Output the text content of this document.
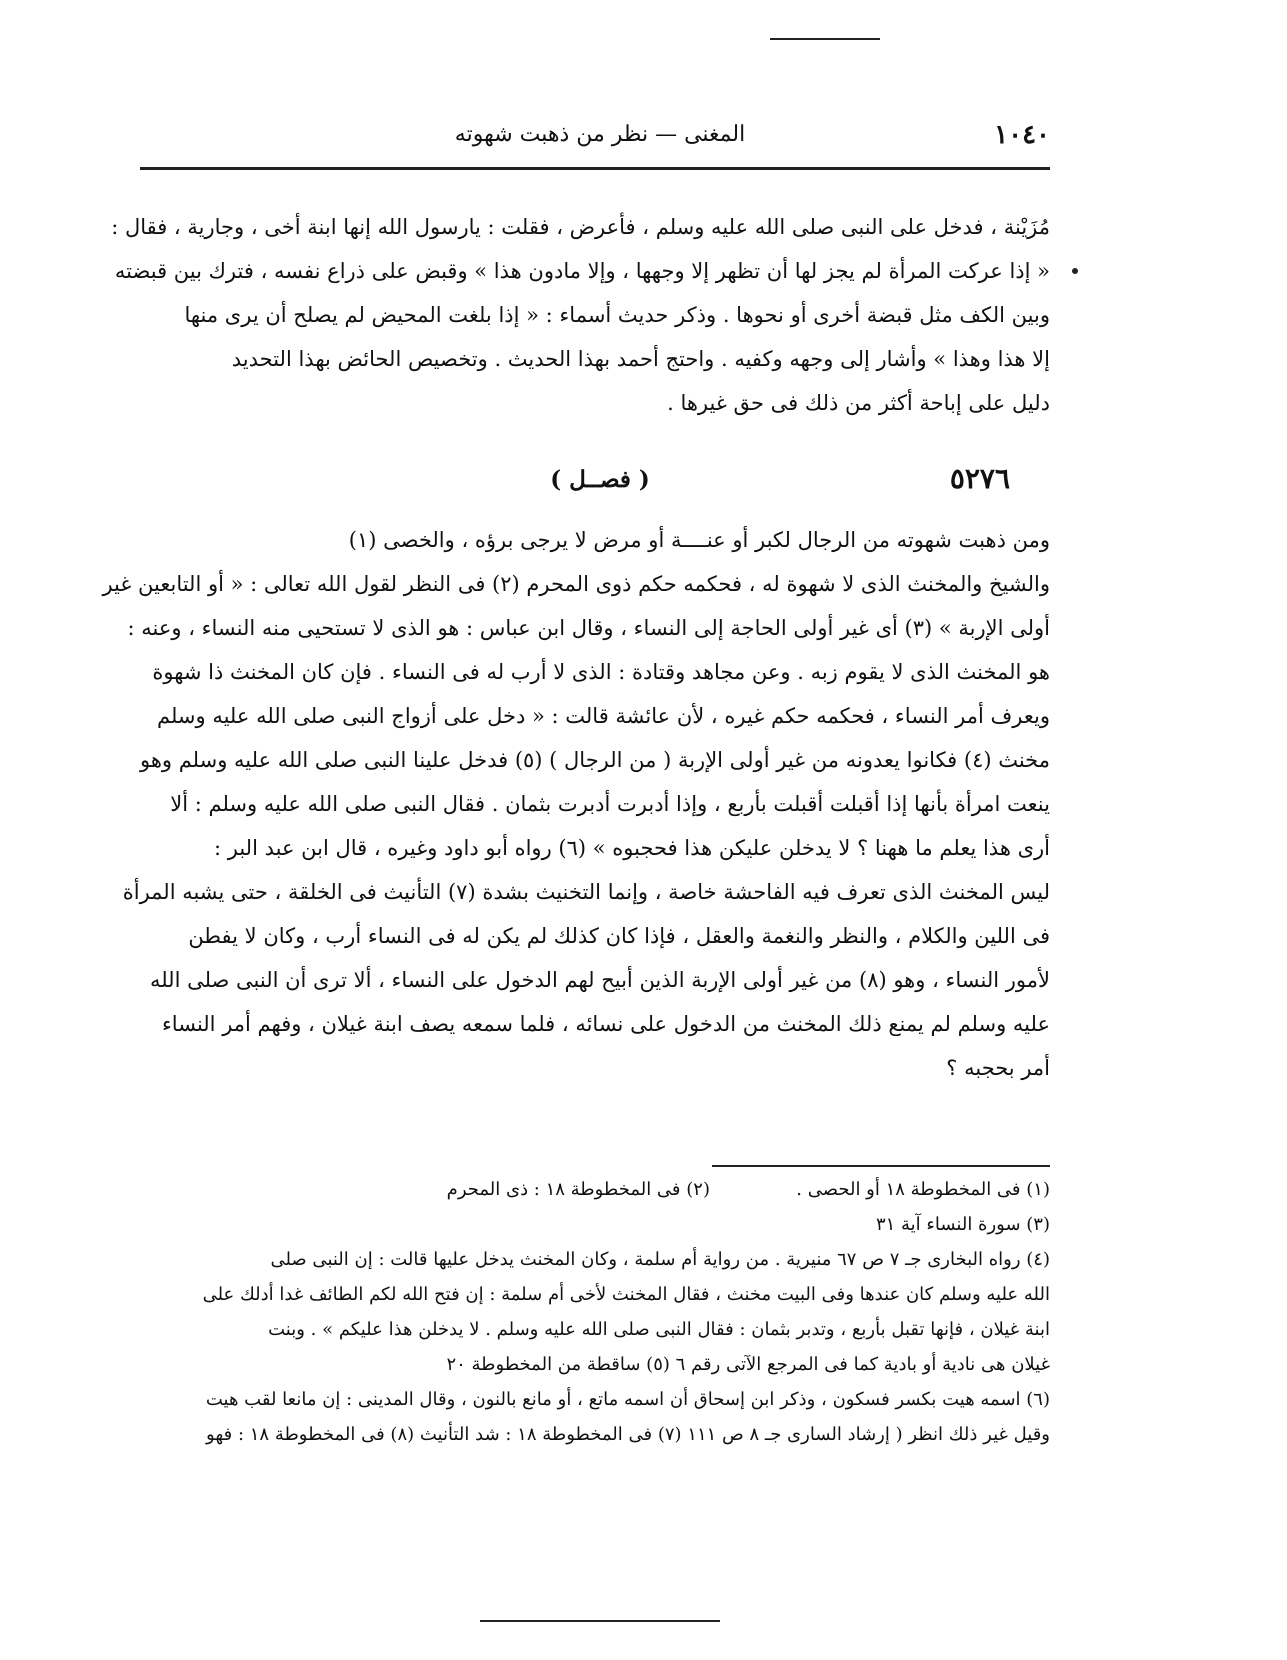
١٠٤٠
المغنى — نظر من ذهبت شهوته
مُزَيْنة ، فدخل على النبى صلى الله عليه وسلم ، فأعرض ، فقلت : يارسول الله إنها ابنة أخى ، وجارية ، فقال :
« إذا عركت المرأة لم يجز لها أن تظهر إلا وجهها ، وإلا مادون هذا » وقبض على ذراع نفسه ، فترك بين قبضته
وبين الكف مثل قبضة أخرى أو نحوها . وذكر حديث أسماء : « إذا بلغت المحيض لم يصلح أن يرى منها
إلا هذا وهذا » وأشار إلى وجهه وكفيه . واحتج أحمد بهذا الحديث . وتخصيص الحائض بهذا التحديد
دليل على إباحة أكثر من ذلك فى حق غيرها .
٥٢٧٦
( فصــل )
ومن ذهبت شهوته من الرجال لكبر أو عنــــة أو مرض لا يرجى برؤه ، والخصى (١)
والشيخ والمخنث الذى لا شهوة له ، فحكمه حكم ذوى المحرم (٢) فى النظر لقول الله تعالى : « أو التابعين غير
أولى الإربة » (٣) أى غير أولى الحاجة إلى النساء ، وقال ابن عباس : هو الذى لا تستحيى منه النساء ، وعنه :
هو المخنث الذى لا يقوم زبه . وعن مجاهد وقتادة : الذى لا أرب له فى النساء . فإن كان المخنث ذا شهوة
ويعرف أمر النساء ، فحكمه حكم غيره ، لأن عائشة قالت : « دخل على أزواج النبى صلى الله عليه وسلم
مخنث (٤) فكانوا يعدونه من غير أولى الإربة ( من الرجال ) (٥) فدخل علينا النبى صلى الله عليه وسلم وهو
ينعت امرأة بأنها إذا أقبلت أقبلت بأربع ، وإذا أدبرت أدبرت بثمان . فقال النبى صلى الله عليه وسلم : ألا
أرى هذا يعلم ما ههنا ؟ لا يدخلن عليكن هذا فحجبوه » (٦) رواه أبو داود وغيره ، قال ابن عبد البر :
ليس المخنث الذى تعرف فيه الفاحشة خاصة ، وإنما التخنيث بشدة (٧) التأنيث فى الخلقة ، حتى يشبه المرأة
فى اللين والكلام ، والنظر والنغمة والعقل ، فإذا كان كذلك لم يكن له فى النساء أرب ، وكان لا يفطن
لأمور النساء ، وهو (٨) من غير أولى الإربة الذين أبيح لهم الدخول على النساء ، ألا ترى أن النبى صلى الله
عليه وسلم لم يمنع ذلك المخنث من الدخول على نسائه ، فلما سمعه يصف ابنة غيلان ، وفهم أمر النساء
أمر بحجبه ؟
(١) فى المخطوطة ١٨ أو الحصى .
(٢) فى المخطوطة ١٨ : ذى المحرم
(٣) سورة النساء آية ٣١
(٤) رواه البخارى جـ ٧ ص ٦٧ منيرية . من رواية أم سلمة ، وكان المخنث يدخل عليها قالت : إن النبى صلى
الله عليه وسلم كان عندها وفى البيت مخنث ، فقال المخنث لأخى أم سلمة : إن فتح الله لكم الطائف غدا أدلك على
ابنة غيلان ، فإنها تقبل بأربع ، وتدبر بثمان : فقال النبى صلى الله عليه وسلم . لا يدخلن هذا عليكم » . وبنت
غيلان هى نادية أو بادية كما فى المرجع الآتى رقم ٦ (٥) ساقطة من المخطوطة ٢٠
(٦) اسمه هيت بكسر فسكون ، وذكر ابن إسحاق أن اسمه ماتع ، أو مانع بالنون ، وقال المدينى : إن مانعا لقب هيت
وقيل غير ذلك انظر ( إرشاد السارى جـ ٨ ص ١١١ (٧) فى المخطوطة ١٨ : شد التأنيث (٨) فى المخطوطة ١٨ : فهو
